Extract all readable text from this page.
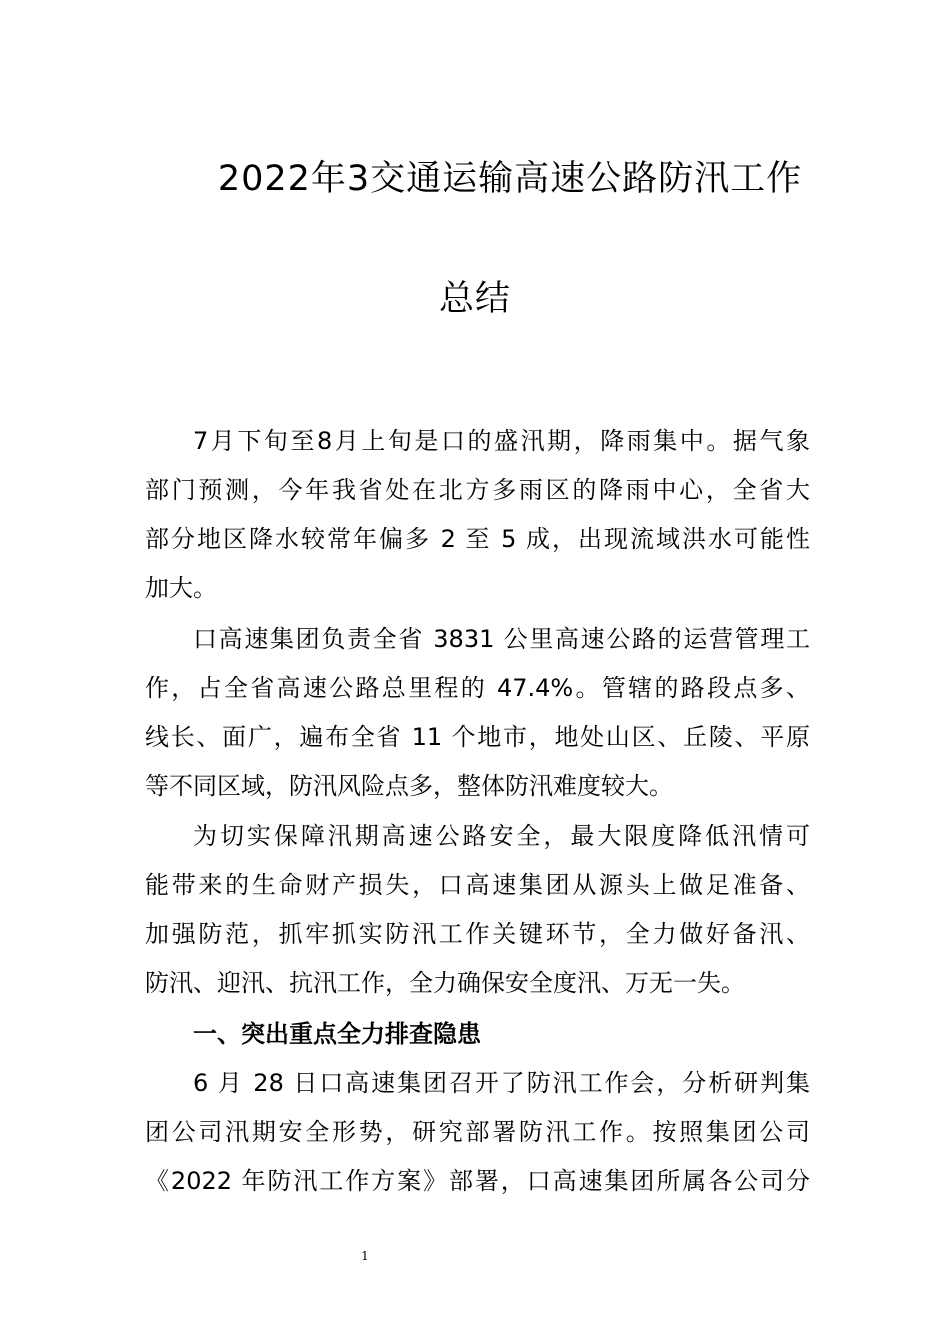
2022年3交通运输高速公路防汛工作
总结
7月下旬至8月上旬是口的盛汛期，降雨集中。据气象
部门预测，今年我省处在北方多雨区的降雨中心，全省大
部分地区降水较常年偏多 2 至 5 成，出现流域洪水可能性
加大。
口高速集团负责全省 3831 公里高速公路的运营管理工
作，占全省高速公路总里程的 47.4%。管辖的路段点多、
线长、面广，遍布全省 11 个地市，地处山区、丘陵、平原
等不同区域，防汛风险点多，整体防汛难度较大。
为切实保障汛期高速公路安全，最大限度降低汛情可
能带来的生命财产损失，口高速集团从源头上做足准备、
加强防范，抓牢抓实防汛工作关键环节，全力做好备汛、
防汛、迎汛、抗汛工作，全力确保安全度汛、万无一失。
一、突出重点全力排查隐患
6 月 28 日口高速集团召开了防汛工作会，分析研判集
团公司汛期安全形势，研究部署防汛工作。按照集团公司
《2022 年防汛工作方案》部署，口高速集团所属各公司分
1
